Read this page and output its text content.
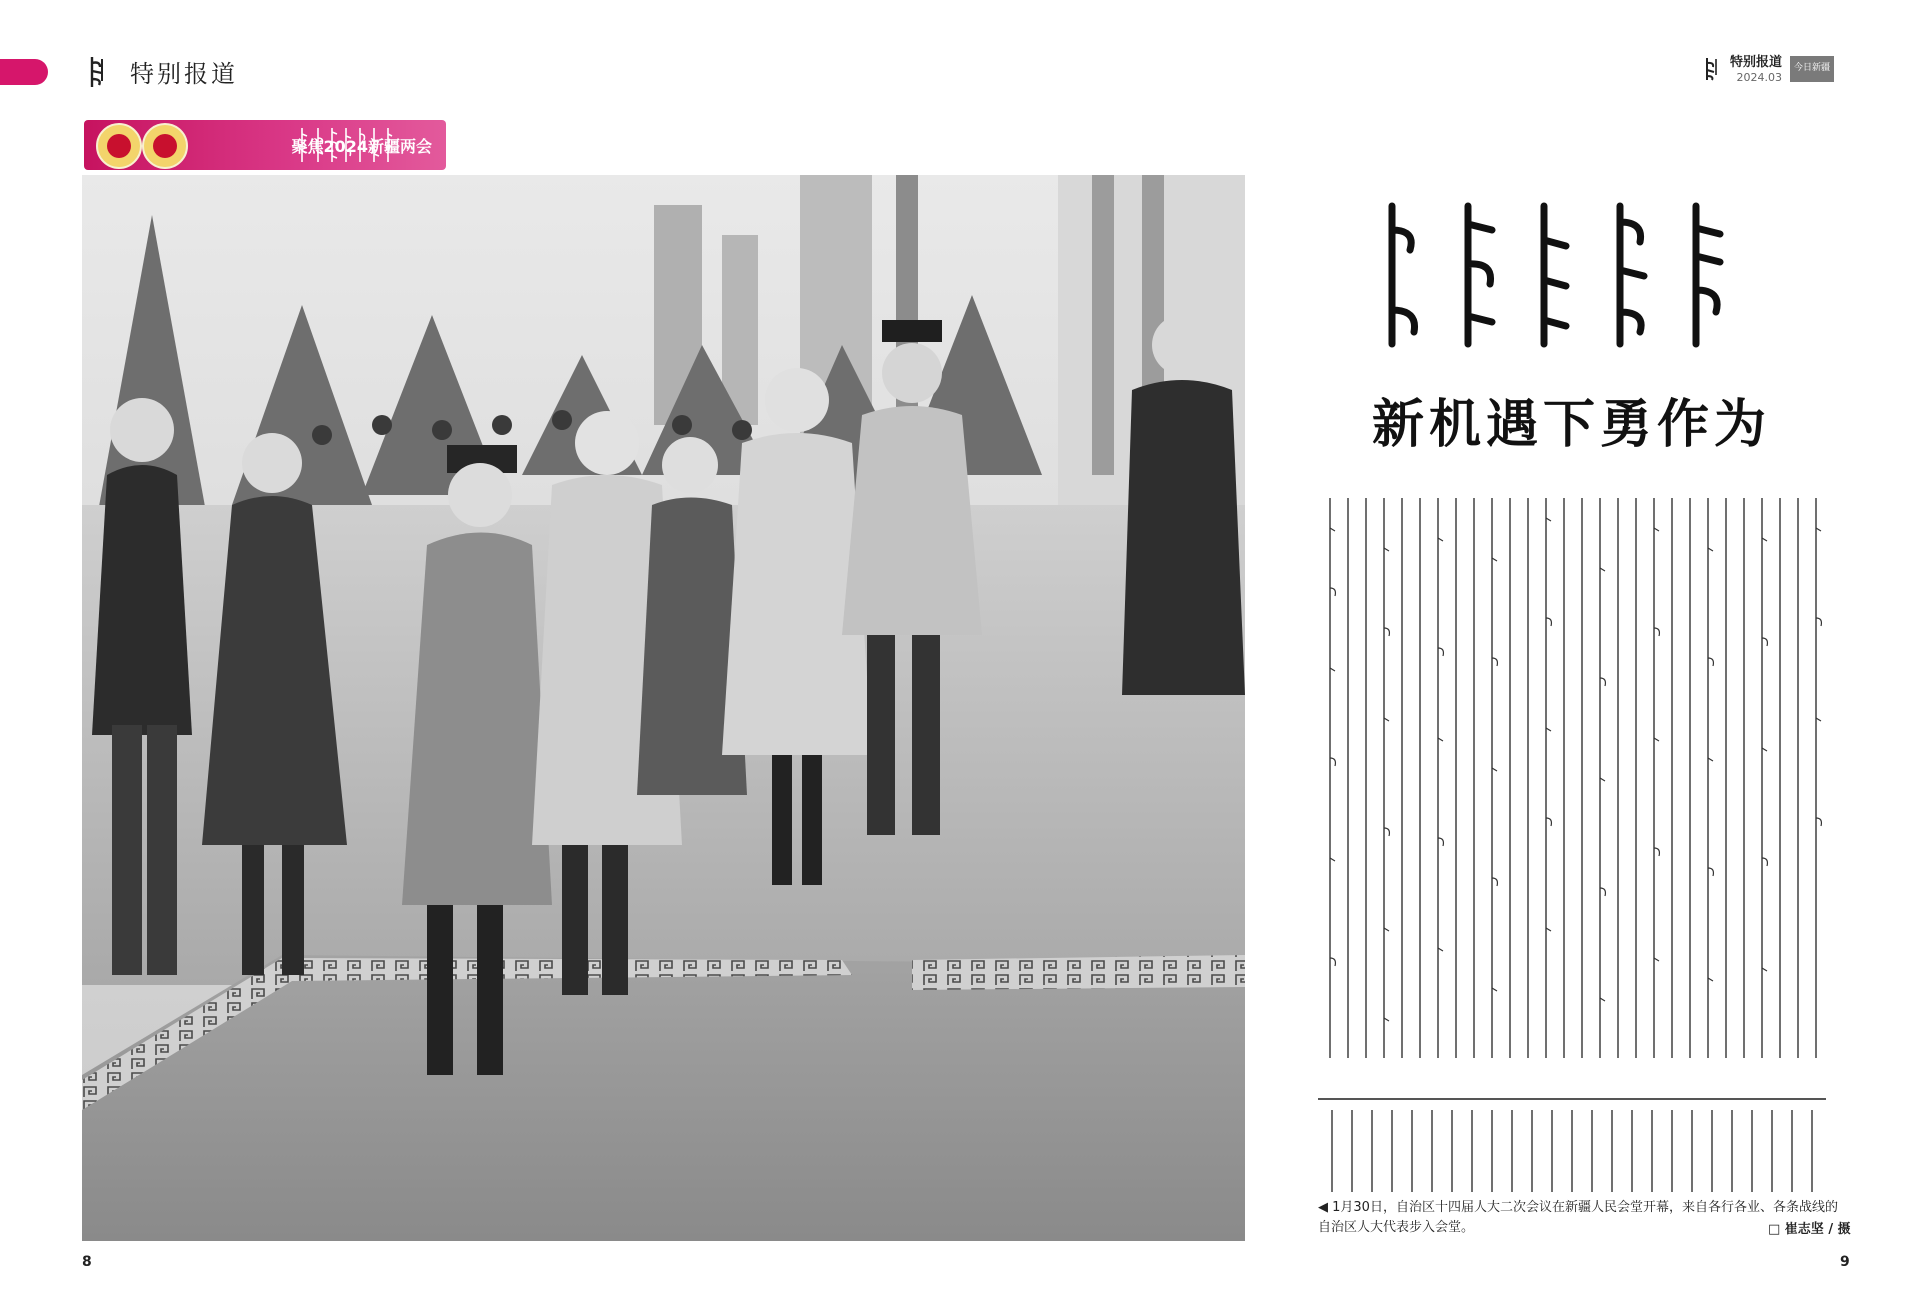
特别报道
聚焦2024新疆两会
8
特别报道
2024.03
今日新疆
新机遇下勇作为
◀ 1月30日，自治区十四届人大二次会议在新疆人民会堂开幕，来自各行各业、各条战线的自治区人大代表步入会堂。	□ 崔志坚 / 摄
9
